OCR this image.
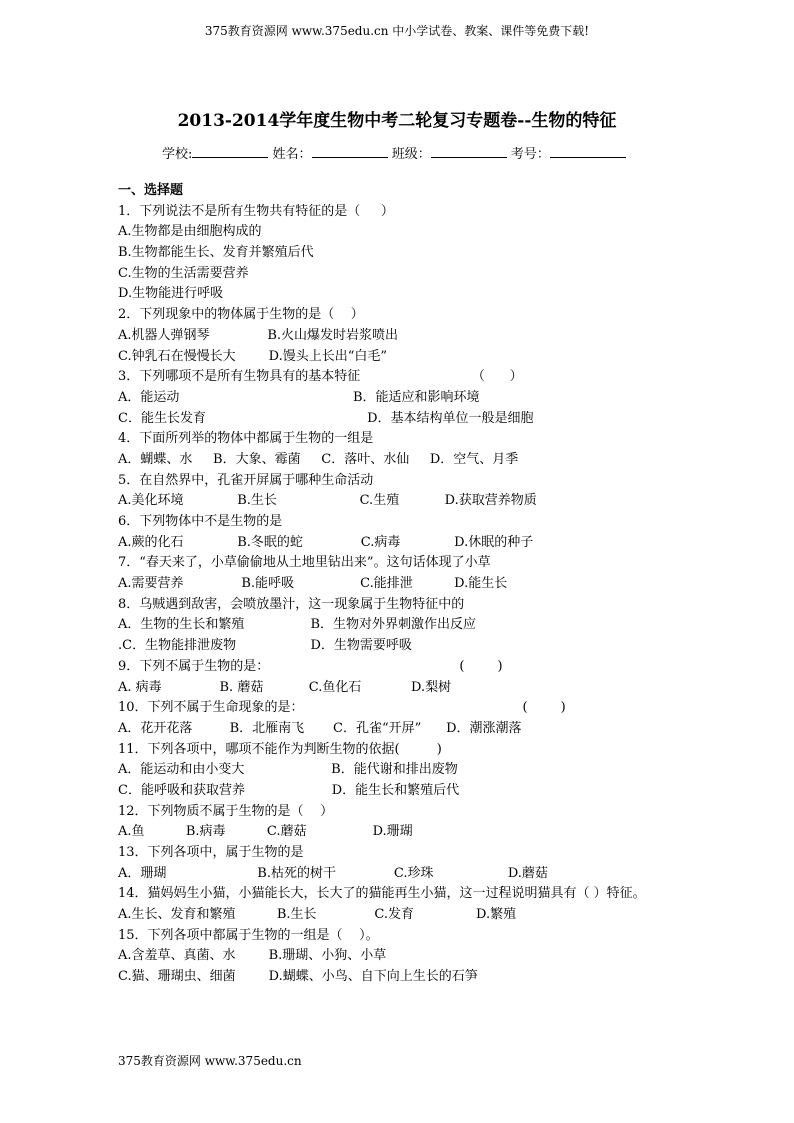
375教育资源网 www.375edu.cn 中小学试卷、教案、课件等免费下载!
2013-2014学年度生物中考二轮复习专题卷--生物的特征
学校:	姓名：	班级：	考号：
一、选择题
1．下列说法不是所有生物共有特征的是（     ）
A.生物都是由细胞构成的
B.生物都能生长、发育并繁殖后代
C.生物的生活需要营养
D.生物能进行呼吸
2．下列现象中的物体属于生物的是（    ）
A.机器人弹钢琴              B.火山爆发时岩浆喷出
C.钟乳石在慢慢长大        D.馒头上长出“白毛”
3．下列哪项不是所有生物具有的基本特征                           （      ）
A．能运动                                          B．能适应和影响环境
C．能生长发育                                       D．基本结构单位一般是细胞
4．下面所列举的物体中都属于生物的一组是
A．蝴蝶、水     B．大象、霉菌     C．落叶、水仙     D．空气、月季
5．在自然界中，孔雀开屏属于哪种生命活动
A.美化环境             B.生长                    C.生殖           D.获取营养物质
6．下列物体中不是生物的是
A.蕨的化石             B.冬眠的蛇              C.病毒             D.休眠的种子
7．“春天来了，小草偷偷地从土地里钻出来”。这句话体现了小草
A.需要营养              B.能呼吸                C.能排泄          D.能生长
8．乌贼遇到敌害，会喷放墨汁，这一现象属于生物特征中的
A．生物的生长和繁殖                B．生物对外界刺激作出反应
.C．生物能排泄废物                  D．生物需要呼吸
9．下列不属于生物的是：                                              (        )
A. 病毒              B. 蘑菇           C.鱼化石            D.梨树
10．下列不属于生命现象的是：                                                     (        )
A．花开花落         B．北雁南飞       C．孔雀“开屏”      D．潮涨潮落
11．下列各项中，哪项不能作为判断生物的依据(         )
A．能运动和由小变大                     B．能代谢和排出废物
C．能呼吸和获取营养                     D．能生长和繁殖后代
12．下列物质不属于生物的是（    ）
A.鱼          B.病毒          C.蘑菇                D.珊瑚
13．下列各项中，属于生物的是
A．珊瑚                      B.枯死的树干              C.珍珠                  D.蘑菇
14．猫妈妈生小猫，小猫能长大，长大了的猫能再生小猫，这一过程说明猫具有（ ）特征。
A.生长、发育和繁殖          B.生长              C.发育               D.繁殖
15．下列各项中都属于生物的一组是（    ）。
A.含羞草、真菌、水        B.珊瑚、小狗、小草
C.猫、珊瑚虫、细菌        D.蝴蝶、小鸟、自下向上生长的石笋
375教育资源网 www.375edu.cn
